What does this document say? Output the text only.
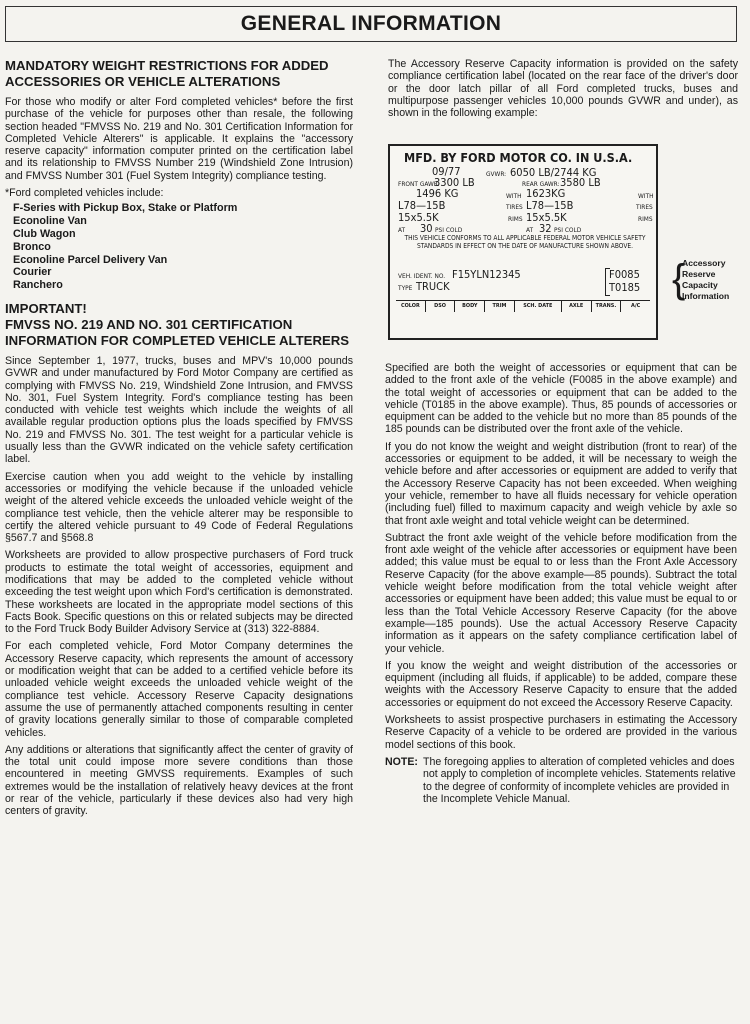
GENERAL INFORMATION
MANDATORY WEIGHT RESTRICTIONS FOR ADDED ACCESSORIES OR VEHICLE ALTERATIONS

For those who modify or alter Ford completed vehicles* before the first purchase of the vehicle for purposes other than resale, the following section headed "FMVSS No. 219 and No. 301 Certification Information for Completed Vehicle Alterers" is applicable. It explains the "accessory reserve capacity" information computer printed on the certification label and its relationship to FMVSS Number 219 (Windshield Zone Intrusion) and FMVSS Number 301 (Fuel System Integrity) compliance testing.

*Ford completed vehicles include:

F-Series with Pickup Box, Stake or Platform
Econoline Van
Club Wagon
Bronco
Econoline Parcel Delivery Van
Courier
Ranchero
IMPORTANT!
FMVSS NO. 219 AND NO. 301 CERTIFICATION INFORMATION FOR COMPLETED VEHICLE ALTERERS

Since September 1, 1977, trucks, buses and MPV's 10,000 pounds GVWR and under manufactured by Ford Motor Company are certified as complying with FMVSS No. 219, Windshield Zone Intrusion, and FMVSS No. 301, Fuel System Integrity. Ford's compliance testing has been conducted with vehicle test weights which include the weights of all available regular production options plus the loads specified by FMVSS No. 219 and FMVSS No. 301. The test weight for a particular vehicle is usually less than the GVWR indicated on the vehicle safety certification label.

Exercise caution when you add weight to the vehicle by installing accessories or modifying the vehicle because if the unloaded vehicle weight of the altered vehicle exceeds the unloaded vehicle weight of the compliance test vehicle, then the vehicle alterer may be responsible to certify the altered vehicle pursuant to 49 Code of Federal Regulations §567.7 and §568.8

Worksheets are provided to allow prospective purchasers of Ford truck products to estimate the total weight of accessories, equipment and modifications that may be added to the completed vehicle without exceeding the test weight upon which Ford's certification is demonstrated. These worksheets are located in the appropriate model sections of this Facts Book. Specific questions on this or related subjects may be directed to the Ford Truck Body Builder Advisory Service at (313) 322-8884.

For each completed vehicle, Ford Motor Company determines the Accessory Reserve capacity, which represents the amount of accessory or modification weight that can be added to a certified vehicle before its unloaded vehicle weight exceeds the unloaded vehicle weight of the compliance test vehicle. Accessory Reserve Capacity designations assume the use of permanently attached components resulting in center of gravity locations generally similar to those of comparable completed vehicles.

Any additions or alterations that significantly affect the center of gravity of the total unit could impose more severe conditions than those encountered in meeting GMVSS requirements. Examples of such extremes would be the installation of relatively heavy devices at the front or rear of the vehicle, particularly if these devices also had very high centers of gravity.

The Accessory Reserve Capacity information is provided on the safety compliance certification label (located on the rear face of the driver's door or the door latch pillar of all Ford completed trucks, buses and multipurpose passenger vehicles 10,000 pounds GVWR and under), as shown in the following example:

MFD. BY FORD MOTOR CO. IN U.S.A.
09/77	GVWR: 6050 LB/2744 KG
FRONT GAWR:
3300 LB	REAR GAWR: 3580 LB
1496 KG	WITH 1623KG	WITH
L78—15B	TIRES L78—15B	TIRES
15x5.5K	RIMS 15x5.5K	RIMS
AT 30 PSI COLD	AT 32 PSI COLD
THIS VEHICLE CONFORMS TO ALL APPLICABLE FEDERAL MOTOR VEHICLE SAFETY STANDARDS IN EFFECT ON THE DATE OF MANUFACTURE SHOWN ABOVE.
VEH. IDENT. NO. F15YLN12345
TYPE TRUCK
F0085
T0185
COLOR	DSO	BODY	TRIM	SCH. DATE	AXLE	TRANS.	A/C
{
Accessory
Reserve
Capacity
Information

Specified are both the weight of accessories or equipment that can be added to the front axle of the vehicle (F0085 in the above example) and the total weight of accessories or equipment that can be added to the vehicle (T0185 in the above example). Thus, 85 pounds of accessories or equipment can be added to the vehicle but no more than 85 pounds of the 185 pounds can be distributed over the front axle of the vehicle.

If you do not know the weight and weight distribution (front to rear) of the accessories or equipment to be added, it will be necessary to weigh the vehicle before and after accessories or equipment are added to verify that the Accessory Reserve Capacity has not been exceeded. When weighing your vehicle, remember to have all fluids necessary for vehicle operation (including fuel) filled to maximum capacity and weigh vehicle by axle so that front axle weight and total vehicle weight can be determined.

Subtract the front axle weight of the vehicle before modification from the front axle weight of the vehicle after accessories or equipment have been added; this value must be equal to or less than the Front Axle Accessory Reserve Capacity (for the above example—85 pounds). Subtract the total vehicle weight before modification from the total vehicle weight after accessories or equipment have been added; this value must be equal to or less than the Total Vehicle Accessory Reserve Capacity (for the above example—185 pounds). Use the actual Accessory Reserve Capacity information as it appears on the safety compliance certification label of your vehicle.

If you know the weight and weight distribution of the accessories or equipment (including all fluids, if applicable) to be added, compare these weights with the Accessory Reserve Capacity to ensure that the added accessories or equipment do not exceed the Accessory Reserve Capacity.

Worksheets to assist prospective purchasers in estimating the Accessory Reserve Capacity of a vehicle to be ordered are provided in the various model sections of this book.

NOTE: The foregoing applies to alteration of completed vehicles and does not apply to completion of incomplete vehicles. Statements relative to the degree of conformity of incomplete vehicles are provided in the Incomplete Vehicle Manual.
